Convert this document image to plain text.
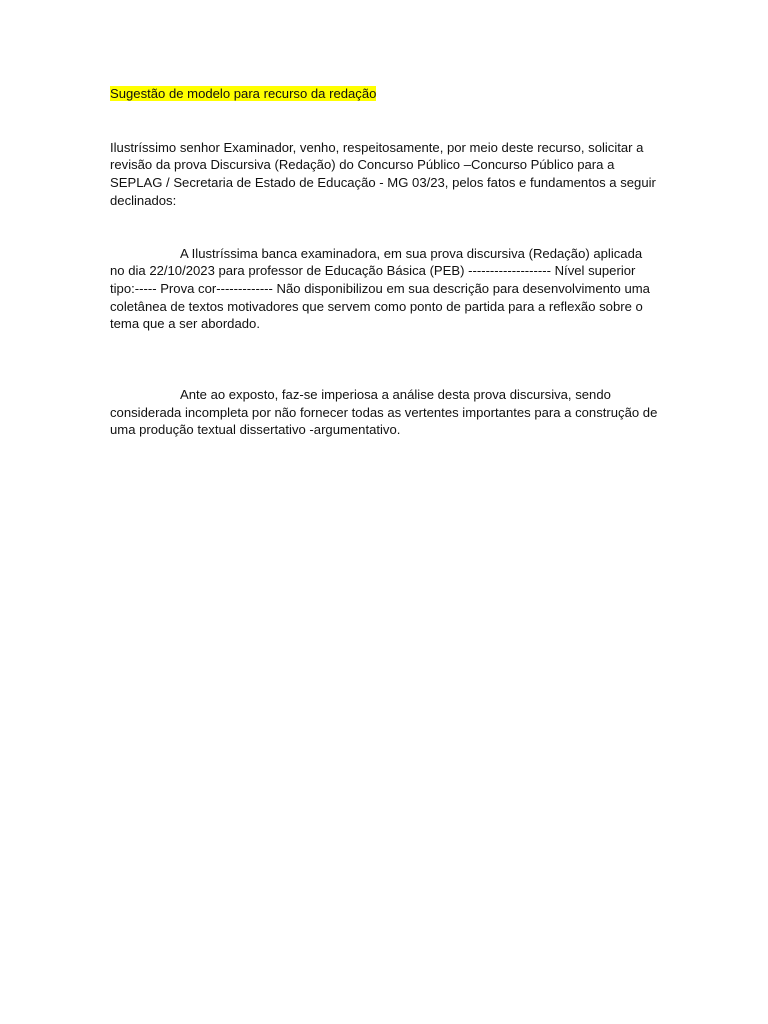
Sugestão de modelo para recurso da redação

Ilustríssimo senhor Examinador, venho, respeitosamente, por meio deste recurso, solicitar a revisão da prova Discursiva (Redação) do Concurso Público –Concurso Público para a SEPLAG / Secretaria de Estado de Educação - MG 03/23, pelos fatos e fundamentos a seguir declinados:

A Ilustríssima banca examinadora, em sua prova discursiva (Redação) aplicada no dia 22/10/2023 para professor de Educação Básica (PEB) ------------------- Nível superior tipo:----- Prova cor------------- Não disponibilizou em sua descrição para desenvolvimento uma coletânea de textos motivadores que servem como ponto de partida para a reflexão sobre o tema que a ser abordado.

Ante ao exposto, faz-se imperiosa a análise desta prova discursiva, sendo considerada incompleta por não fornecer todas as vertentes importantes para a construção de uma produção textual dissertativo -argumentativo.
